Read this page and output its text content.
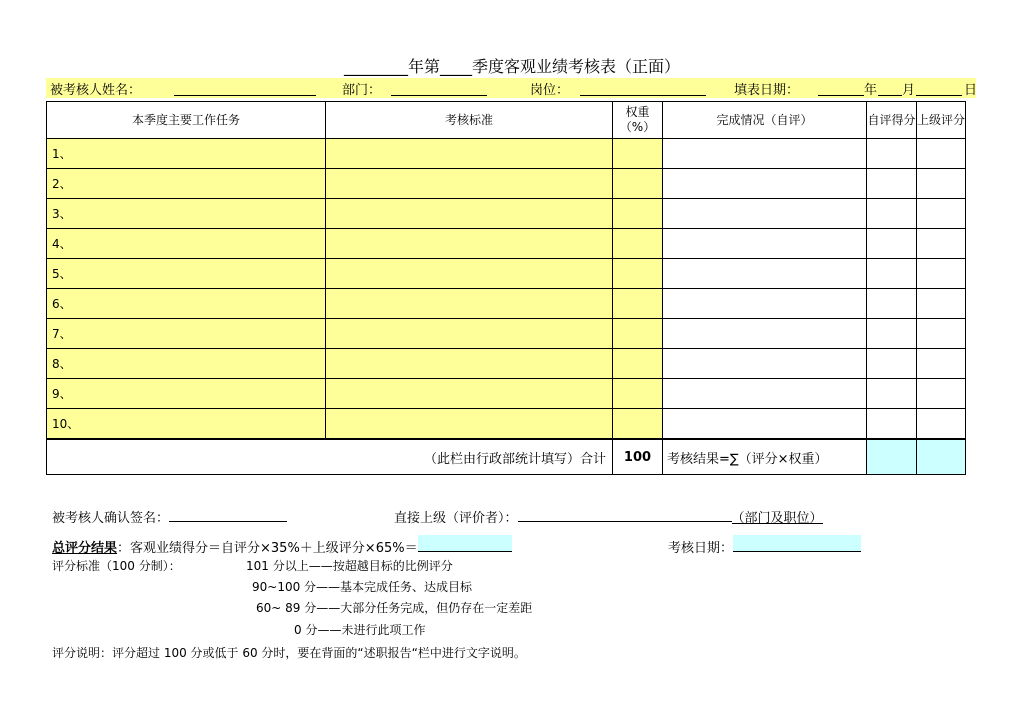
________年第____季度客观业绩考核表（正面）
被考核人姓名：	部门：	岗位：	填表日期：	年 月	日
本季度主要工作任务	考核标准	权重（%）	完成情况（自评）	自评得分	上级评分
1、					
2、					
3、					
4、					
5、					
6、					
7、					
8、					
9、					
10、					
（此栏由行政部统计填写）合计		100	考核结果=∑（评分×权重）		
被考核人确认签名：	直接上级（评价者）：	（部门及职位）
总评分结果：客观业绩得分＝自评分×35%＋上级评分×65%＝	考核日期：
评分标准（100 分制）：	101 分以上——按超越目标的比例评分
90~100 分——基本完成任务、达成目标
60~ 89 分——大部分任务完成，但仍存在一定差距
0 分——未进行此项工作
评分说明：评分超过 100 分或低于 60 分时，要在背面的“述职报告“栏中进行文字说明。
